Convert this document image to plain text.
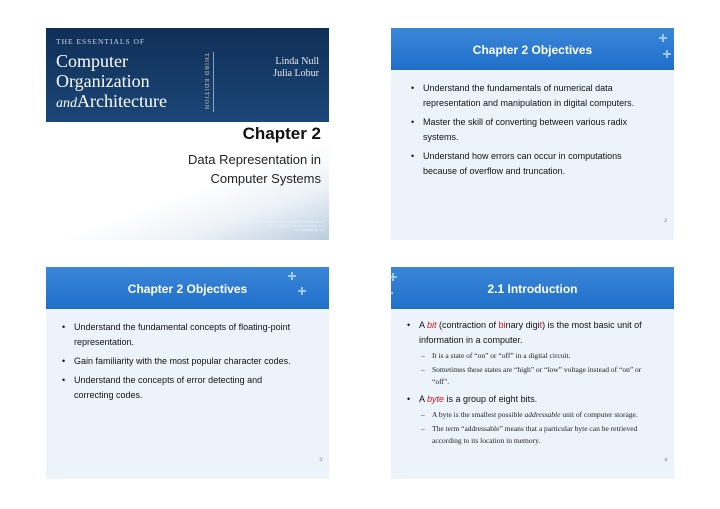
THE ESSENTIALS OF
Computer
Organization
andArchitecture	THIRD EDITION	Linda Null
Julia Lobur
Chapter 2
Data Representation in
Computer Systems
Background image © Andrejs Pidjass/ShutterStock, Inc
© 2012 Jones & Bartlett Learning, LLC
www.jblearning.com
Chapter 2 Objectives
• Understand the fundamentals of numerical data representation and manipulation in digital computers.
• Master the skill of converting between various radix systems.
• Understand how errors can occur in computations because of overflow and truncation.
2
Chapter 2 Objectives
• Understand the fundamental concepts of floating-point representation.
• Gain familiarity with the most popular character codes.
• Understand the concepts of error detecting and correcting codes.
3
2.1 Introduction
• A bit (contraction of binary digit) is the most basic unit of information in a computer.
– It is a state of “on” or “off” in a digital circuit.
– Sometimes these states are “high” or “low” voltage instead of “on” or “off”.
• A byte is a group of eight bits.
– A byte is the smallest possible addressable unit of computer storage.
– The term “addressable” means that a particular byte can be retrieved according to its location in memory.
4
